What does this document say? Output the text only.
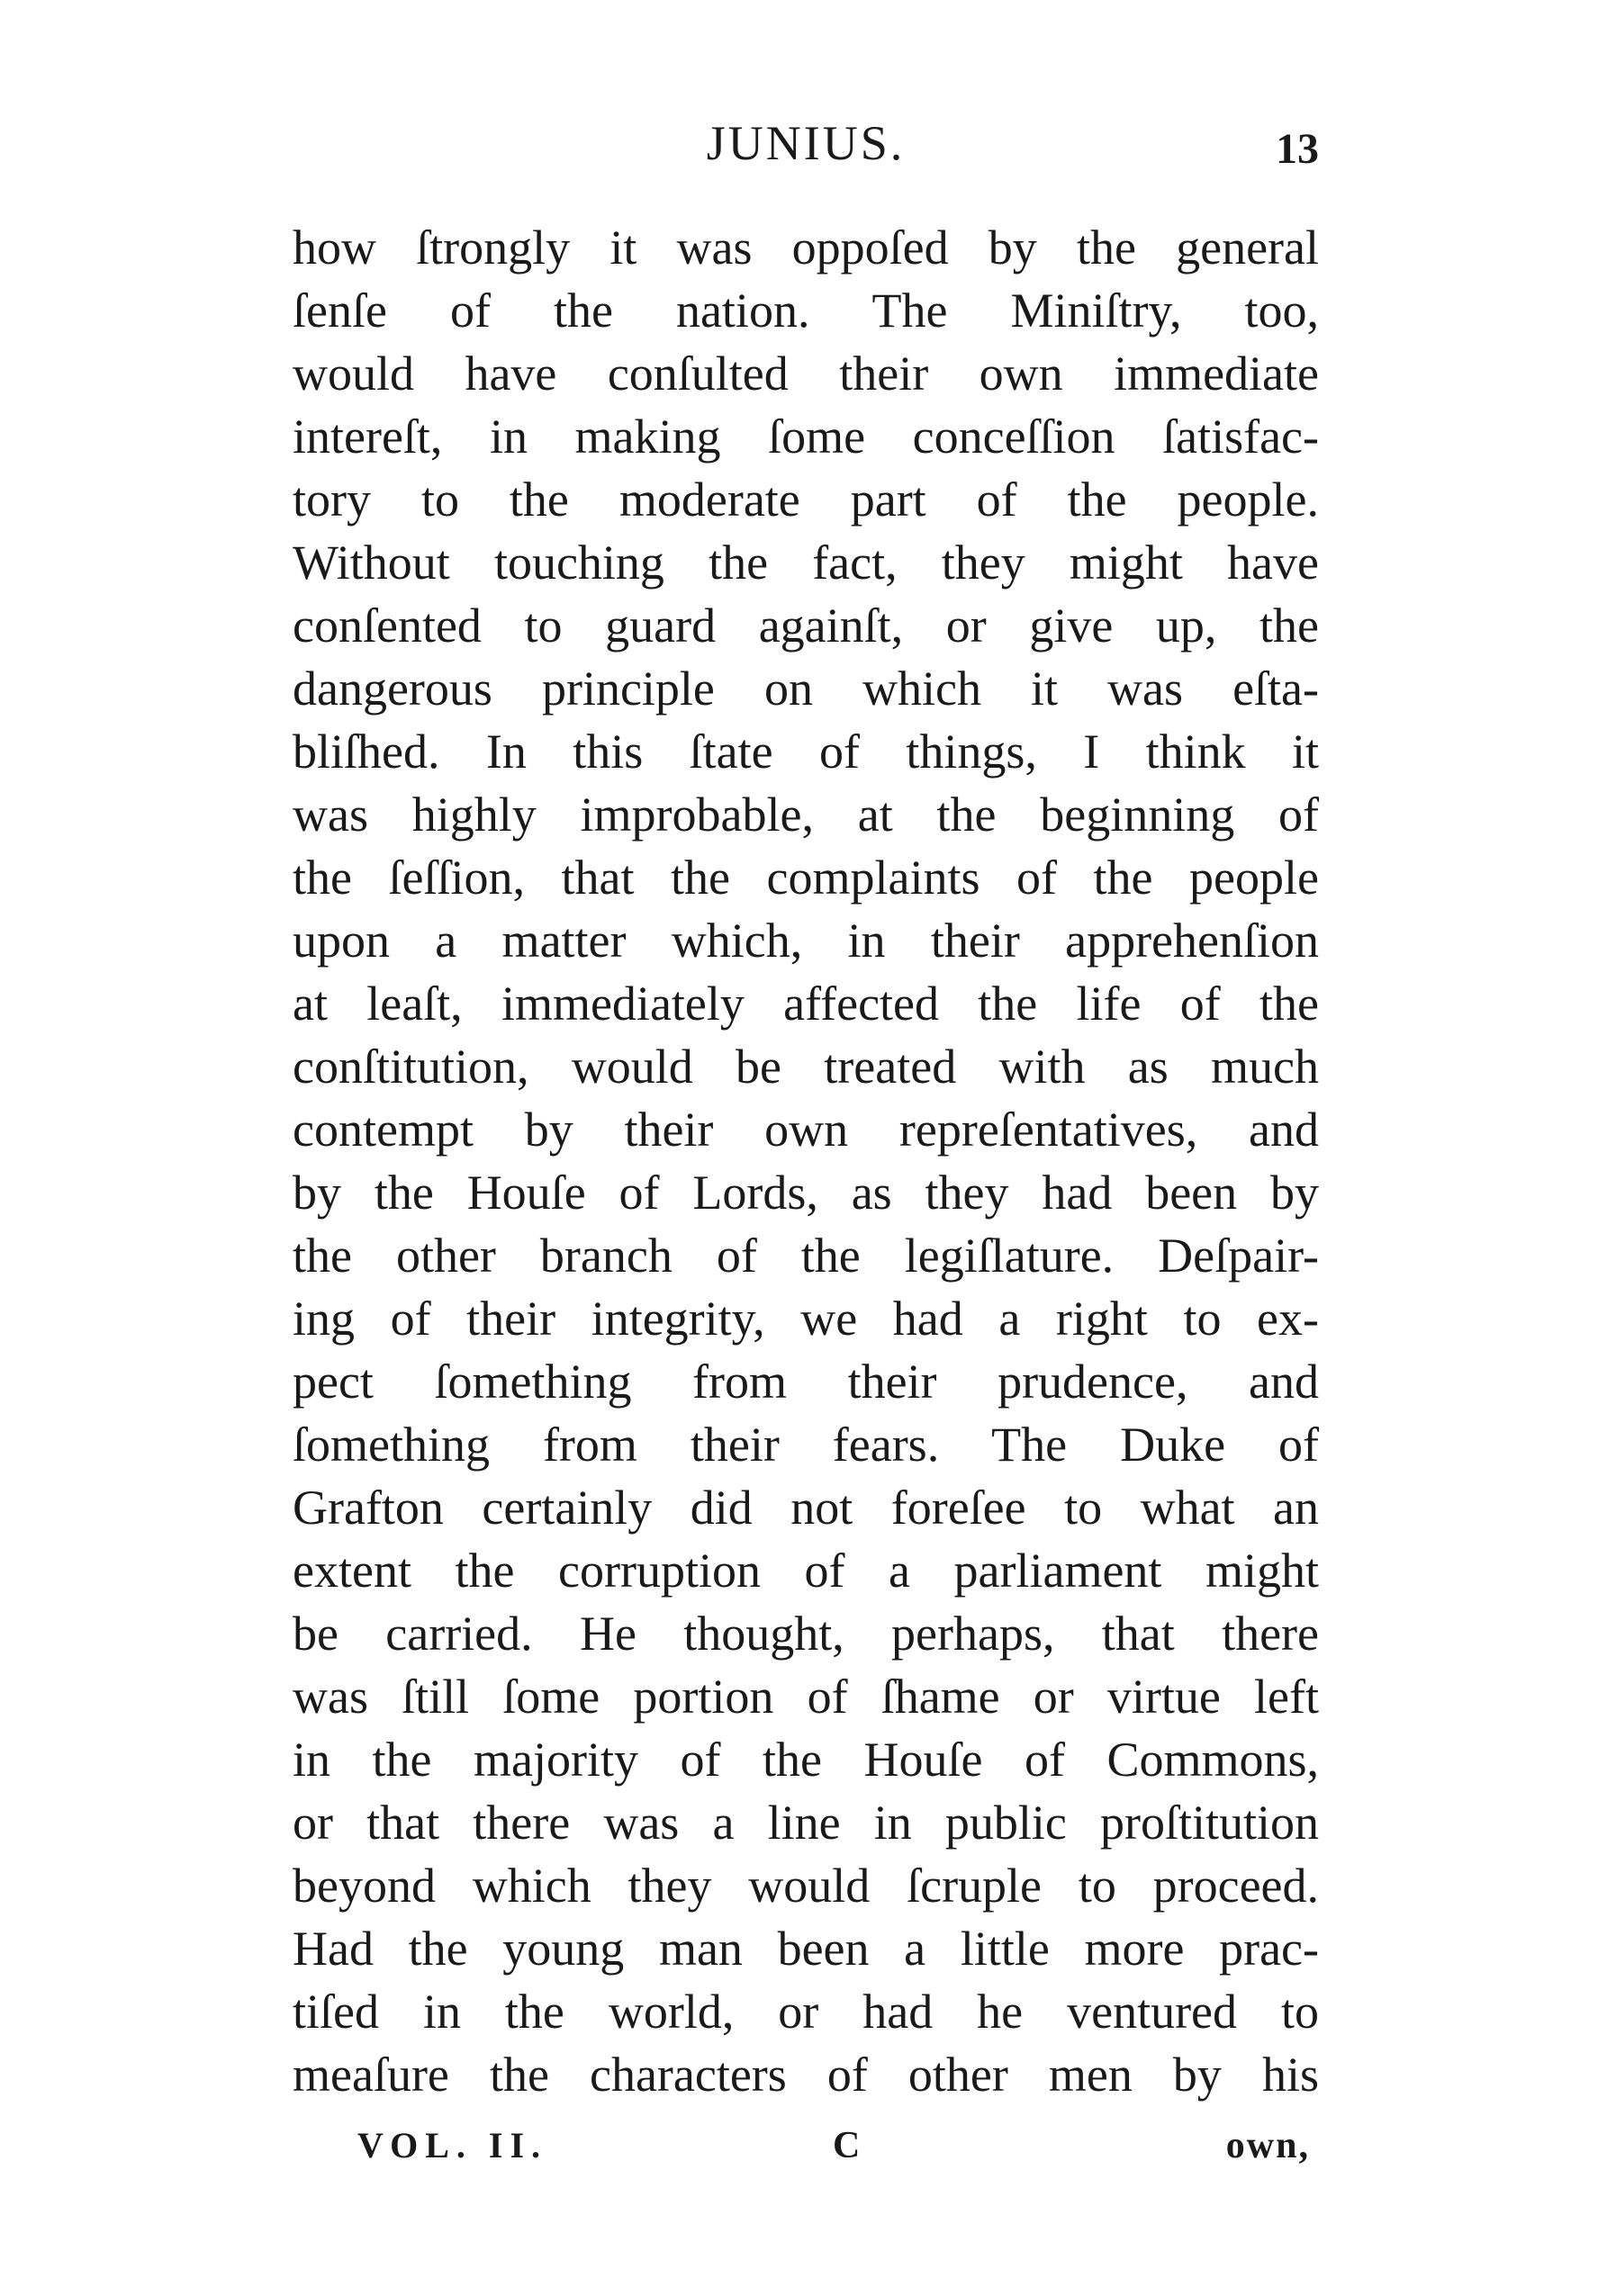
JUNIUS.	13
how ſtrongly it was oppoſed by the general
ſenſe of the nation. The Miniſtry, too,
would have conſulted their own immediate
intereſt, in making ſome conceſſion ſatisfac-
tory to the moderate part of the people.
Without touching the fact, they might have
conſented to guard againſt, or give up, the
dangerous principle on which it was eſta-
bliſhed. In this ſtate of things, I think it
was highly improbable, at the beginning of
the ſeſſion, that the complaints of the people
upon a matter which, in their apprehenſion
at leaſt, immediately affected the life of the
conſtitution, would be treated with as much
contempt by their own repreſentatives, and
by the Houſe of Lords, as they had been by
the other branch of the legiſlature. Deſpair-
ing of their integrity, we had a right to ex-
pect ſomething from their prudence, and
ſomething from their fears. The Duke of
Grafton certainly did not foreſee to what an
extent the corruption of a parliament might
be carried. He thought, perhaps, that there
was ſtill ſome portion of ſhame or virtue left
in the majority of the Houſe of Commons,
or that there was a line in public proſtitution
beyond which they would ſcruple to proceed.
Had the young man been a little more prac-
tiſed in the world, or had he ventured to
meaſure the characters of other men by his
VOL. II.	C	own,
